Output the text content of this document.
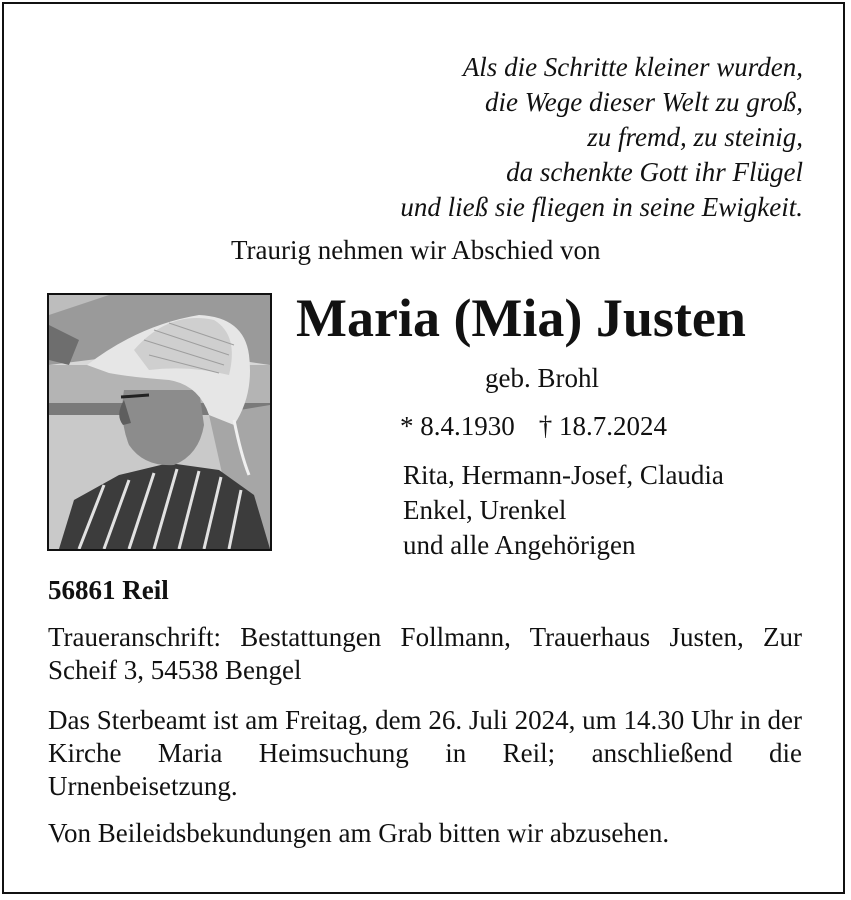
Als die Schritte kleiner wurden,
die Wege dieser Welt zu groß,
zu fremd, zu steinig,
da schenkte Gott ihr Flügel
und ließ sie fliegen in seine Ewigkeit.
Traurig nehmen wir Abschied von
Maria (Mia) Justen
geb. Brohl
* 8.4.1930 † 18.7.2024
Rita, Hermann-Josef, Claudia
Enkel, Urenkel
und alle Angehörigen
56861 Reil
Traueranschrift: Bestattungen Follmann, Trauerhaus Justen, Zur Scheif 3, 54538 Bengel
Das Sterbeamt ist am Freitag, dem 26. Juli 2024, um 14.30 Uhr in der Kirche Maria Heimsuchung in Reil; anschließend die Urnenbeisetzung.
Von Beileidsbekundungen am Grab bitten wir abzusehen.
